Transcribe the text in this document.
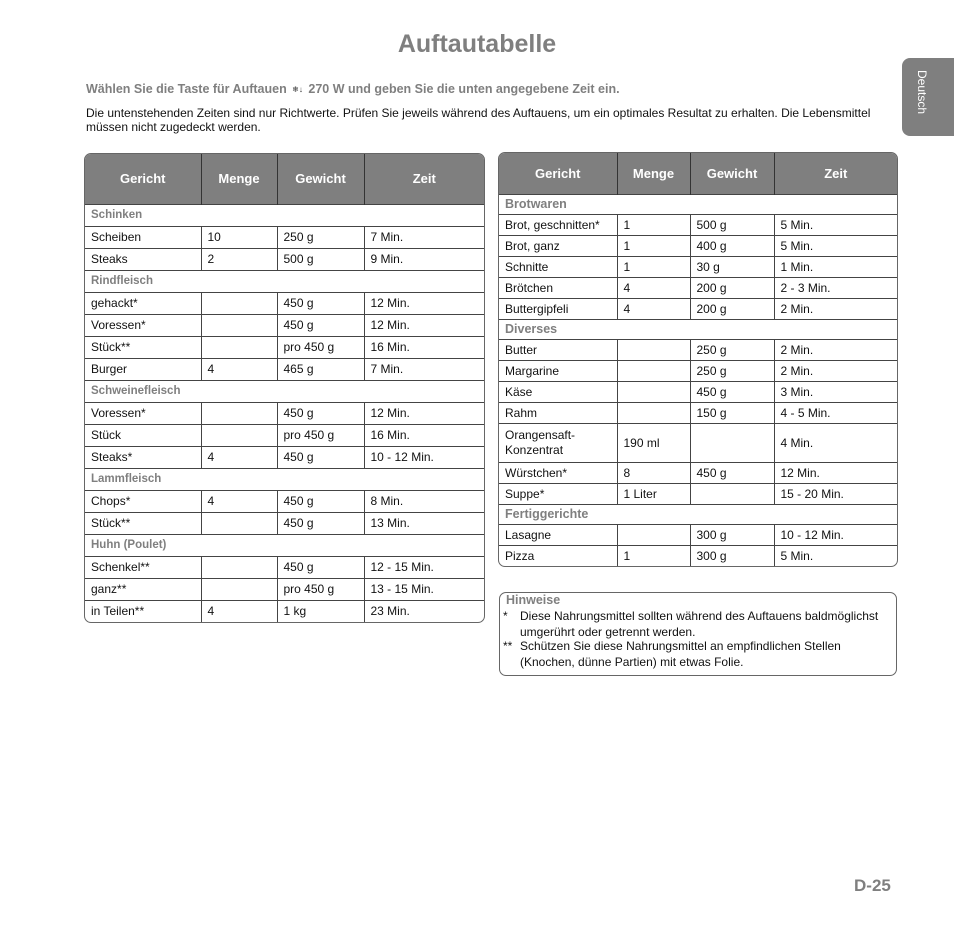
Auftautabelle
Deutsch
Wählen Sie die Taste für Auftauen ❄↓ 270 W und geben Sie die unten angegebene Zeit ein.
Die untenstehenden Zeiten sind nur Richtwerte. Prüfen Sie jeweils während des Auftauens, um ein optimales Resultat zu erhalten. Die Lebensmittel müssen nicht zugedeckt werden.
Gericht	Menge	Gewicht	Zeit
Schinken			
Scheiben	10	250 g	7 Min.
Steaks	2	500 g	9 Min.
Rindfleisch			
gehackt*		450 g	12 Min.
Voressen*		450 g	12 Min.
Stück**		pro 450 g	16 Min.
Burger	4	465 g	7 Min.
Schweinefleisch			
Voressen*		450 g	12 Min.
Stück		pro 450 g	16 Min.
Steaks*	4	450 g	10 - 12 Min.
Lammfleisch			
Chops*	4	450 g	8 Min.
Stück**		450 g	13 Min.
Huhn (Poulet)			
Schenkel**		450 g	12 - 15 Min.
ganz**		pro 450 g	13 - 15 Min.
in Teilen**	4	1 kg	23 Min.
Gericht	Menge	Gewicht	Zeit
Brotwaren			
Brot, geschnitten*	1	500 g	5 Min.
Brot, ganz	1	400 g	5 Min.
Schnitte	1	30 g	1 Min.
Brötchen	4	200 g	2 - 3 Min.
Buttergipfeli	4	200 g	2 Min.
Diverses			
Butter		250 g	2 Min.
Margarine		250 g	2 Min.
Käse		450 g	3 Min.
Rahm		150 g	4 - 5 Min.
Orangensaft-Konzentrat	190 ml		4 Min.
Würstchen*	8	450 g	12 Min.
Suppe*	1 Liter		15 - 20 Min.
Fertiggerichte			
Lasagne		300 g	10 - 12 Min.
Pizza	1	300 g	5 Min.
Hinweise
* Diese Nahrungsmittel sollten während des Auftauens baldmöglichst umgerührt oder getrennt werden.
** Schützen Sie diese Nahrungsmittel an empfindlichen Stellen (Knochen, dünne Partien) mit etwas Folie.
D-25
